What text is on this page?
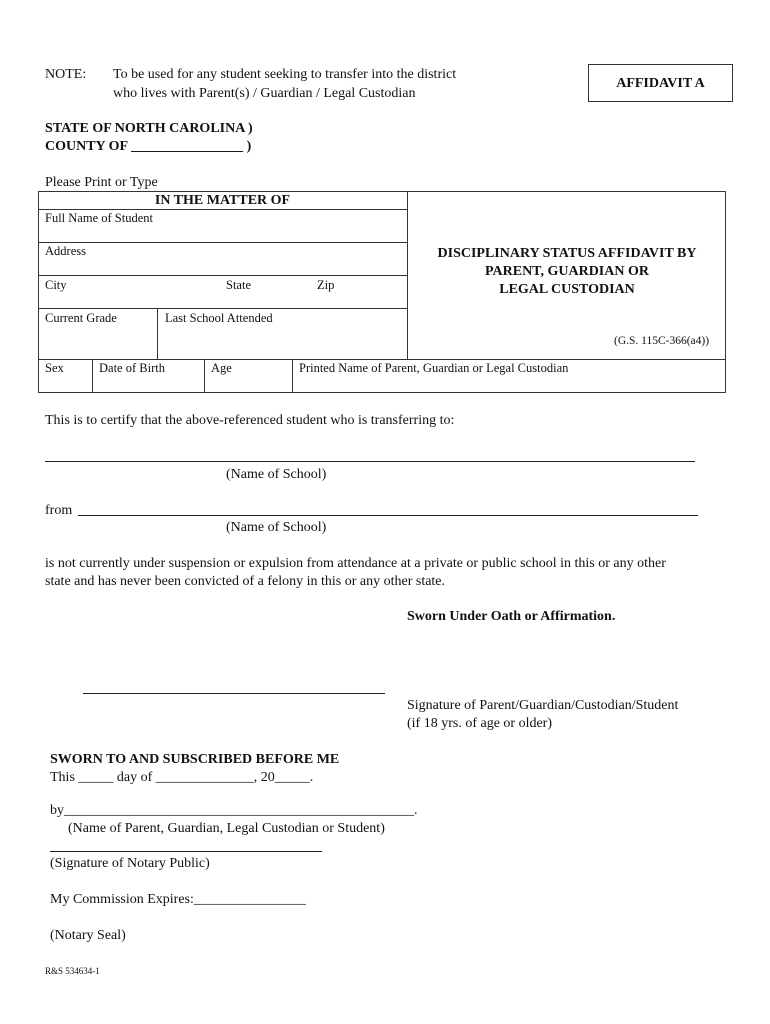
NOTE: To be used for any student seeking to transfer into the district
who lives with Parent(s) / Guardian / Legal Custodian
AFFIDAVIT A
STATE OF NORTH CAROLINA )
COUNTY OF ________________ )
Please Print or Type
IN THE MATTER OF
Full Name of Student
Address
City	State	Zip
Current Grade	Last School Attended
DISCIPLINARY STATUS AFFIDAVIT BY
PARENT, GUARDIAN OR
LEGAL CUSTODIAN
(G.S. 115C-366(a4))
Sex	Date of Birth	Age	Printed Name of Parent, Guardian or Legal Custodian
This is to certify that the above-referenced student who is transferring to:
(Name of School)
from
(Name of School)
is not currently under suspension or expulsion from attendance at a private or public school in this or any other
state and has never been convicted of a felony in this or any other state.
Sworn Under Oath or Affirmation.
Signature of Parent/Guardian/Custodian/Student
(if 18 yrs. of age or older)
SWORN TO AND SUBSCRIBED BEFORE ME
This _____ day of ______________, 20_____.
by__________________________________________________.
(Name of Parent, Guardian, Legal Custodian or Student)
(Signature of Notary Public)
My Commission Expires:________________
(Notary Seal)
R&S 534634-1
